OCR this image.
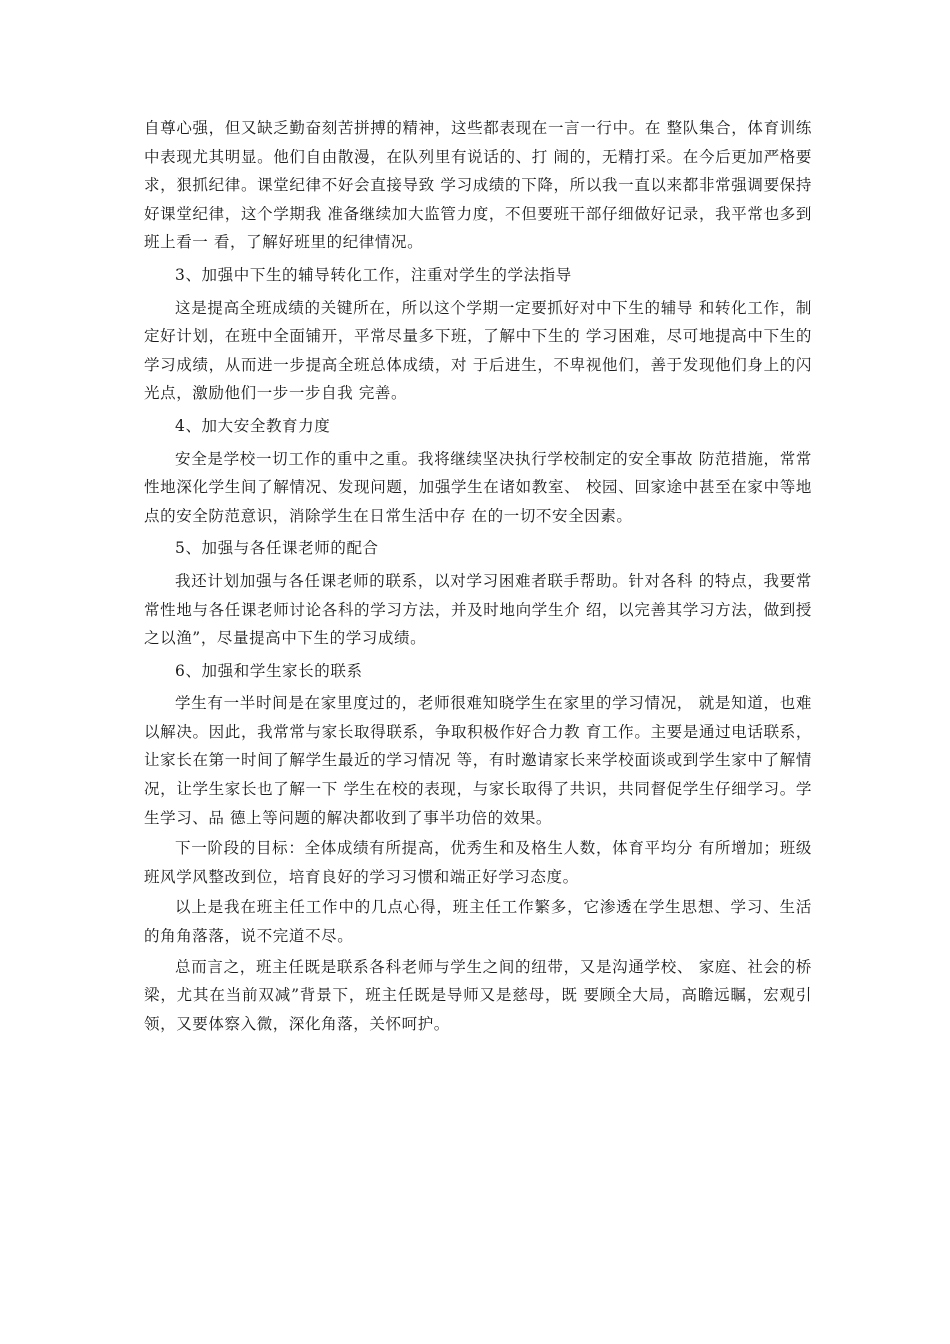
自尊心强，但又缺乏勤奋刻苦拼搏的精神，这些都表现在一言一行中。在 整队集合，体育训练中表现尤其明显。他们自由散漫，在队列里有说话的、打 闹的，无精打采。在今后更加严格要求，狠抓纪律。课堂纪律不好会直接导致 学习成绩的下降，所以我一直以来都非常强调要保持好课堂纪律，这个学期我 准备继续加大监管力度，不但要班干部仔细做好记录，我平常也多到班上看一 看，了解好班里的纪律情况。

3、加强中下生的辅导转化工作，注重对学生的学法指导

这是提高全班成绩的关键所在，所以这个学期一定要抓好对中下生的辅导 和转化工作，制定好计划，在班中全面铺开，平常尽量多下班，了解中下生的 学习困难，尽可地提高中下生的学习成绩，从而进一步提高全班总体成绩，对 于后进生，不卑视他们，善于发现他们身上的闪光点，激励他们一步一步自我 完善。

4、加大安全教育力度

安全是学校一切工作的重中之重。我将继续坚决执行学校制定的安全事故 防范措施，常常性地深化学生间了解情况、发现问题，加强学生在诸如教室、 校园、回家途中甚至在家中等地点的安全防范意识，消除学生在日常生活中存 在的一切不安全因素。

5、加强与各任课老师的配合

我还计划加强与各任课老师的联系，以对学习困难者联手帮助。针对各科 的特点，我要常常性地与各任课老师讨论各科的学习方法，并及时地向学生介 绍，以完善其学习方法，做到授之以渔”，尽量提高中下生的学习成绩。

6、加强和学生家长的联系

学生有一半时间是在家里度过的，老师很难知晓学生在家里的学习情况， 就是知道，也难以解决。因此，我常常与家长取得联系，争取积极作好合力教 育工作。主要是通过电话联系，让家长在第一时间了解学生最近的学习情况 等，有时邀请家长来学校面谈或到学生家中了解情况，让学生家长也了解一下 学生在校的表现，与家长取得了共识，共同督促学生仔细学习。学生学习、品 德上等问题的解决都收到了事半功倍的效果。

下一阶段的目标：全体成绩有所提高，优秀生和及格生人数，体育平均分 有所增加；班级班风学风整改到位，培育良好的学习习惯和端正好学习态度。

以上是我在班主任工作中的几点心得，班主任工作繁多，它渗透在学生思想、学习、生活的角角落落，说不完道不尽。

总而言之，班主任既是联系各科老师与学生之间的纽带，又是沟通学校、 家庭、社会的桥梁，尤其在当前双减”背景下，班主任既是导师又是慈母，既 要顾全大局，高瞻远瞩，宏观引领，又要体察入微，深化角落，关怀呵护。
